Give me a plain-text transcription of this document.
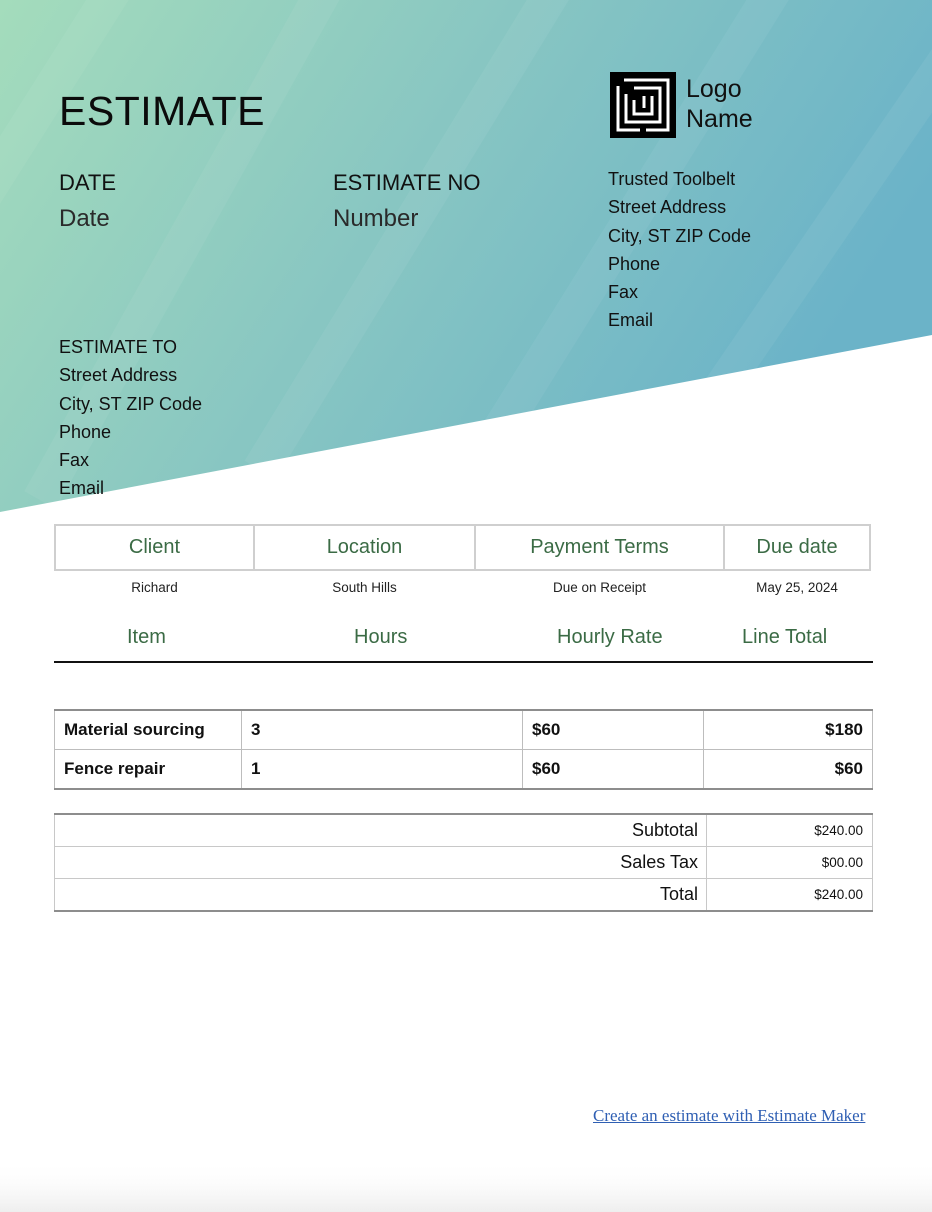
ESTIMATE
DATE
Date
ESTIMATE NO
Number
Logo
Name
Trusted Toolbelt
Street Address
City, ST ZIP Code
Phone
Fax
Email
ESTIMATE TO
Street Address
City, ST ZIP Code
Phone
Fax
Email
Client	Location	Payment Terms	Due date
Richard	South Hills	Due on Receipt	May 25, 2024
Item	Hours	Hourly Rate	Line Total
Material sourcing	3	$60	$180
Fence repair	1	$60	$60
Subtotal	$240.00
Sales Tax	$00.00
Total	$240.00
Create an estimate with Estimate Maker
